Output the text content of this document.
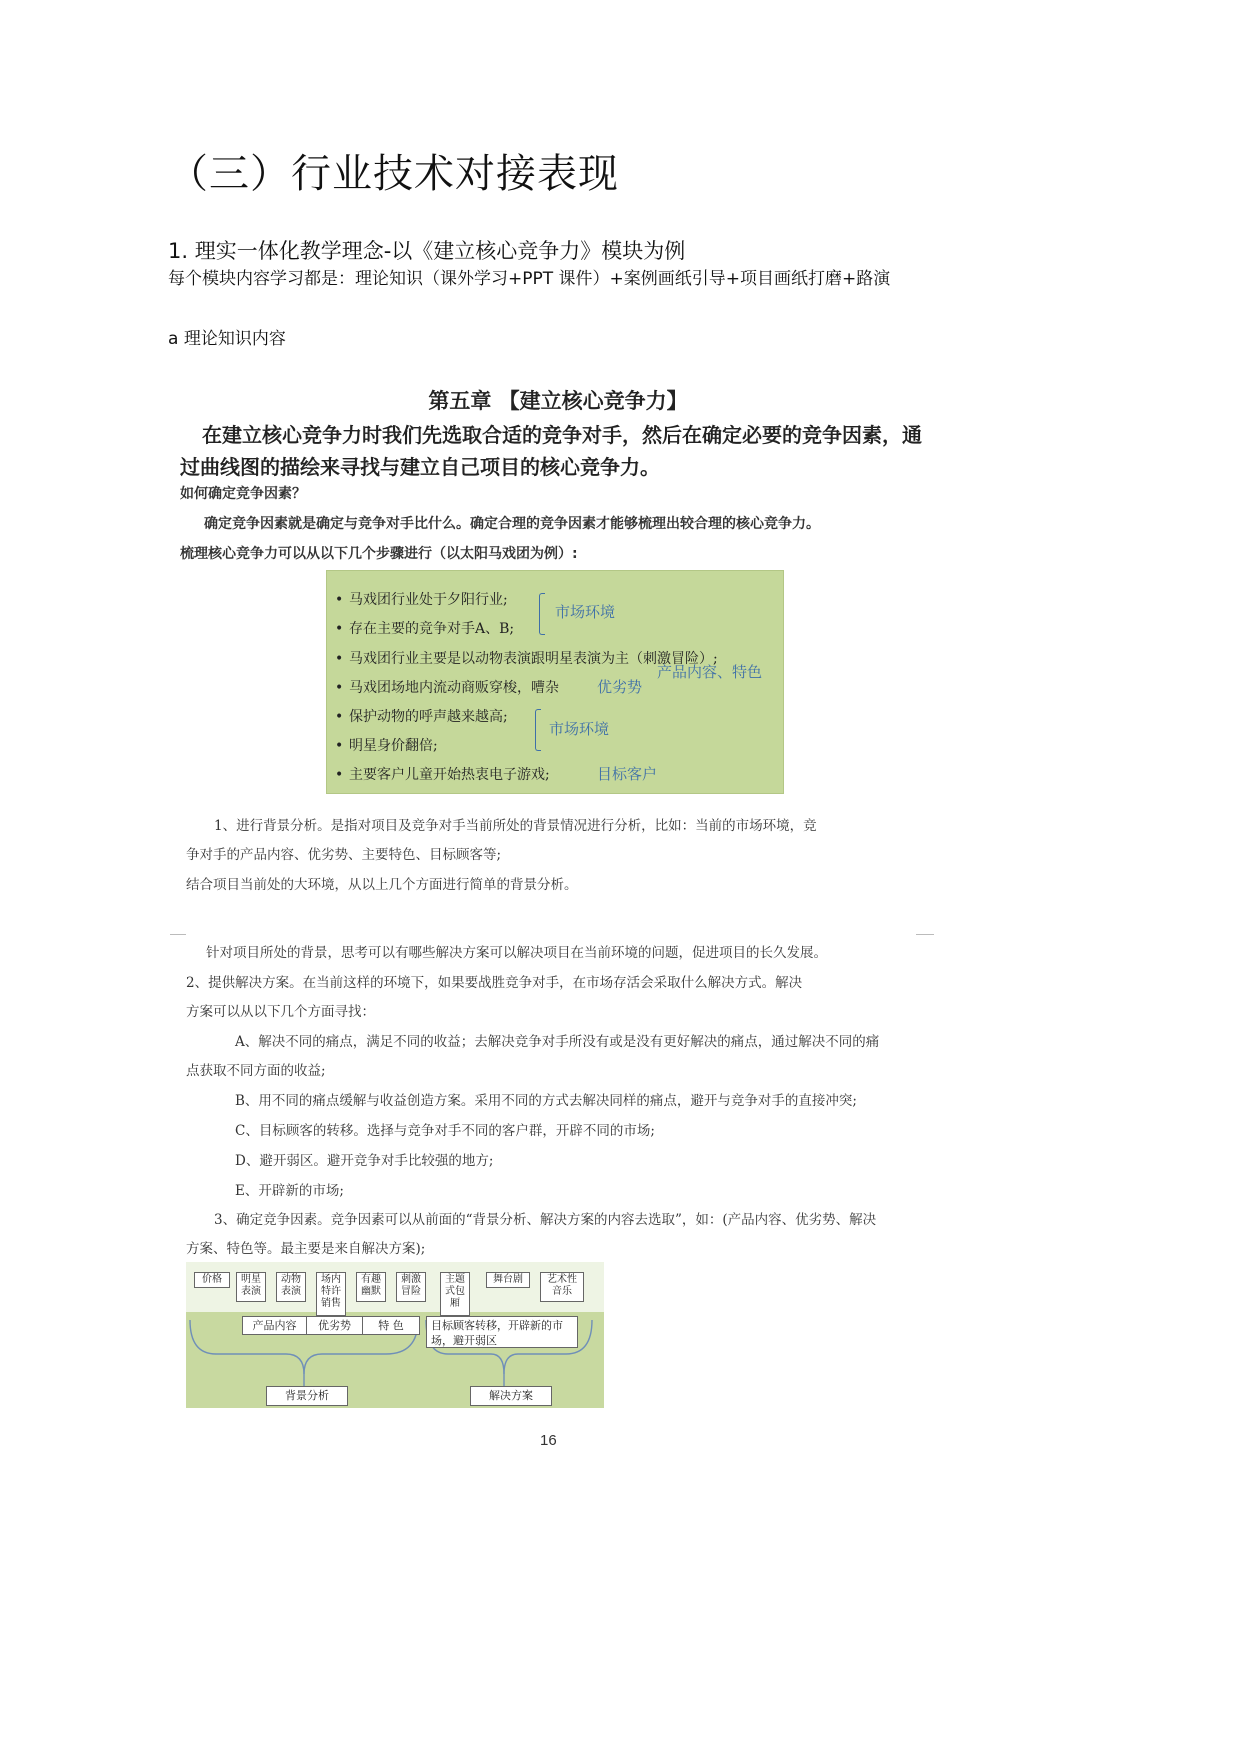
（三）行业技术对接表现
1. 理实一体化教学理念-以《建立核心竞争力》模块为例
每个模块内容学习都是：理论知识（课外学习+PPT 课件）+案例画纸引导+项目画纸打磨+路演
a 理论知识内容
第五章 【建立核心竞争力】
在建立核心竞争力时我们先选取合适的竞争对手，然后在确定必要的竞争因素，通过曲线图的描绘来寻找与建立自己项目的核心竞争力。
如何确定竞争因素？
确定竞争因素就是确定与竞争对手比什么。确定合理的竞争因素才能够梳理出较合理的核心竞争力。
梳理核心竞争力可以从以下几个步骤进行（以太阳马戏团为例）:
• 马戏团行业处于夕阳行业;
• 存在主要的竞争对手A、B;
• 马戏团行业主要是以动物表演跟明星表演为主（刺激冒险）;
• 马戏团场地内流动商贩穿梭，嘈杂
• 保护动物的呼声越来越高;
• 明星身价翻倍;
• 主要客户儿童开始热衷电子游戏;
市场环境
产品内容、特色
优劣势
市场环境
目标客户
1、进行背景分析。是指对项目及竞争对手当前所处的背景情况进行分析，比如：当前的市场环境，竞
争对手的产品内容、优劣势、主要特色、目标顾客等;
结合项目当前处的大环境，从以上几个方面进行简单的背景分析。
针对项目所处的背景，思考可以有哪些解决方案可以解决项目在当前环境的问题，促进项目的长久发展。
2、提供解决方案。在当前这样的环境下，如果要战胜竞争对手，在市场存活会采取什么解决方式。解决
方案可以从以下几个方面寻找：
A、解决不同的痛点，满足不同的收益；去解决竞争对手所没有或是没有更好解决的痛点，通过解决不同的痛
点获取不同方面的收益;
B、用不同的痛点缓解与收益创造方案。采用不同的方式去解决同样的痛点，避开与竞争对手的直接冲突;
C、目标顾客的转移。选择与竞争对手不同的客户群，开辟不同的市场;
D、避开弱区。避开竞争对手比较强的地方;
E、开辟新的市场;
3、确定竞争因素。竞争因素可以从前面的“背景分析、解决方案的内容去选取”，如：(产品内容、优劣势、解决
方案、特色等。最主要是来自解决方案);
价格	明星表演
动物表演
场内特许销售
有趣幽默
刺激冒险
主题式包厢
舞台剧	艺术性音乐
产品内容 优劣势 特 色	目标顾客转移，开辟新的市场，避开弱区
背景分析	解决方案
16
